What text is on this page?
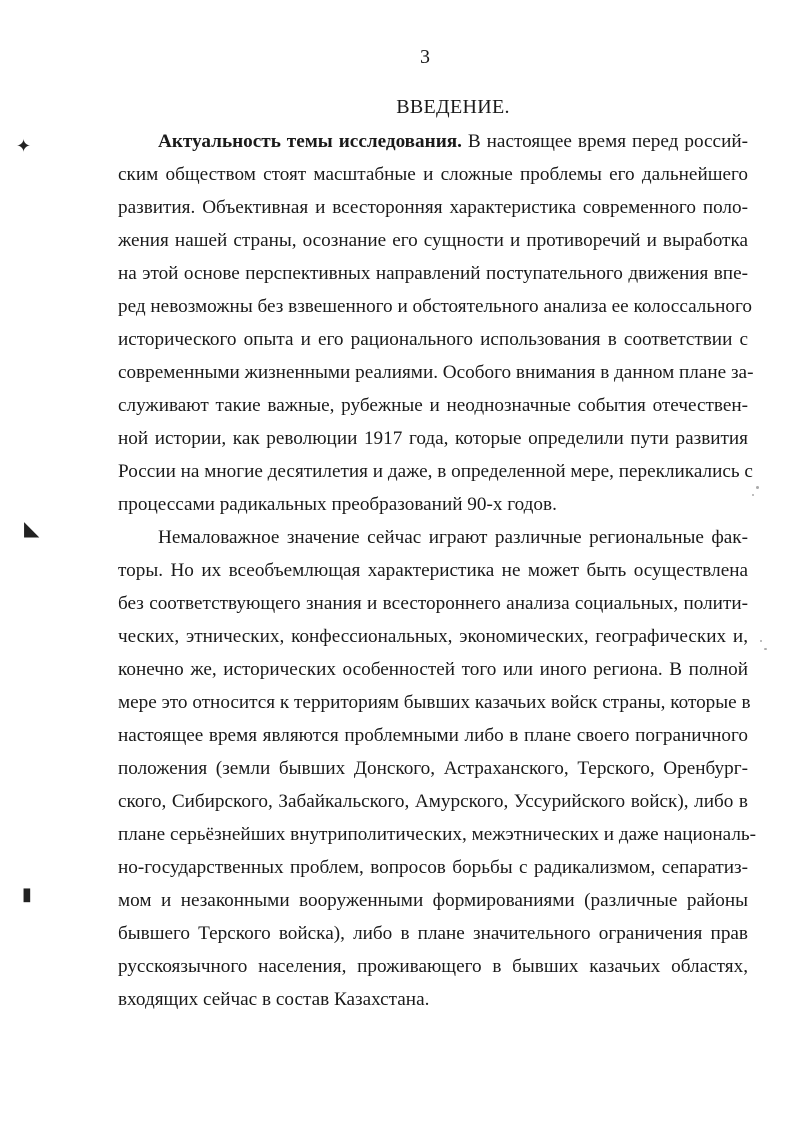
3
ВВЕДЕНИЕ.
Актуальность темы исследования. В настоящее время перед россий-
ским обществом стоят масштабные и сложные проблемы его дальнейшего
развития. Объективная и всесторонняя характеристика современного поло-
жения нашей страны, осознание его сущности и противоречий и выработка
на этой основе перспективных направлений поступательного движения впе-
ред невозможны без взвешенного и обстоятельного анализа ее колоссального
исторического опыта и его рационального использования в соответствии с
современными жизненными реалиями. Особого внимания в данном плане за-
служивают такие важные, рубежные и неоднозначные события отечествен-
ной истории, как революции 1917 года, которые определили пути развития
России на многие десятилетия и даже, в определенной мере, перекликались с
процессами радикальных преобразований 90-х годов.
Немаловажное значение сейчас играют различные региональные фак-
торы. Но их всеобъемлющая характеристика не может быть осуществлена
без соответствующего знания и всестороннего анализа социальных, полити-
ческих, этнических, конфессиональных, экономических, географических и,
конечно же, исторических особенностей того или иного региона. В полной
мере это относится к территориям бывших казачьих войск страны, которые в
настоящее время являются проблемными либо в плане своего пограничного
положения (земли бывших Донского, Астраханского, Терского, Оренбург-
ского, Сибирского, Забайкальского, Амурского, Уссурийского войск), либо в
плане серьёзнейших внутриполитических, межэтнических и даже националь-
но-государственных проблем, вопросов борьбы с радикализмом, сепаратиз-
мом и незаконными вооруженными формированиями (различные районы
бывшего Терского войска), либо в плане значительного ограничения прав
русскоязычного населения, проживающего в бывших казачьих областях,
входящих сейчас в состав Казахстана.
✦
◣
▮
